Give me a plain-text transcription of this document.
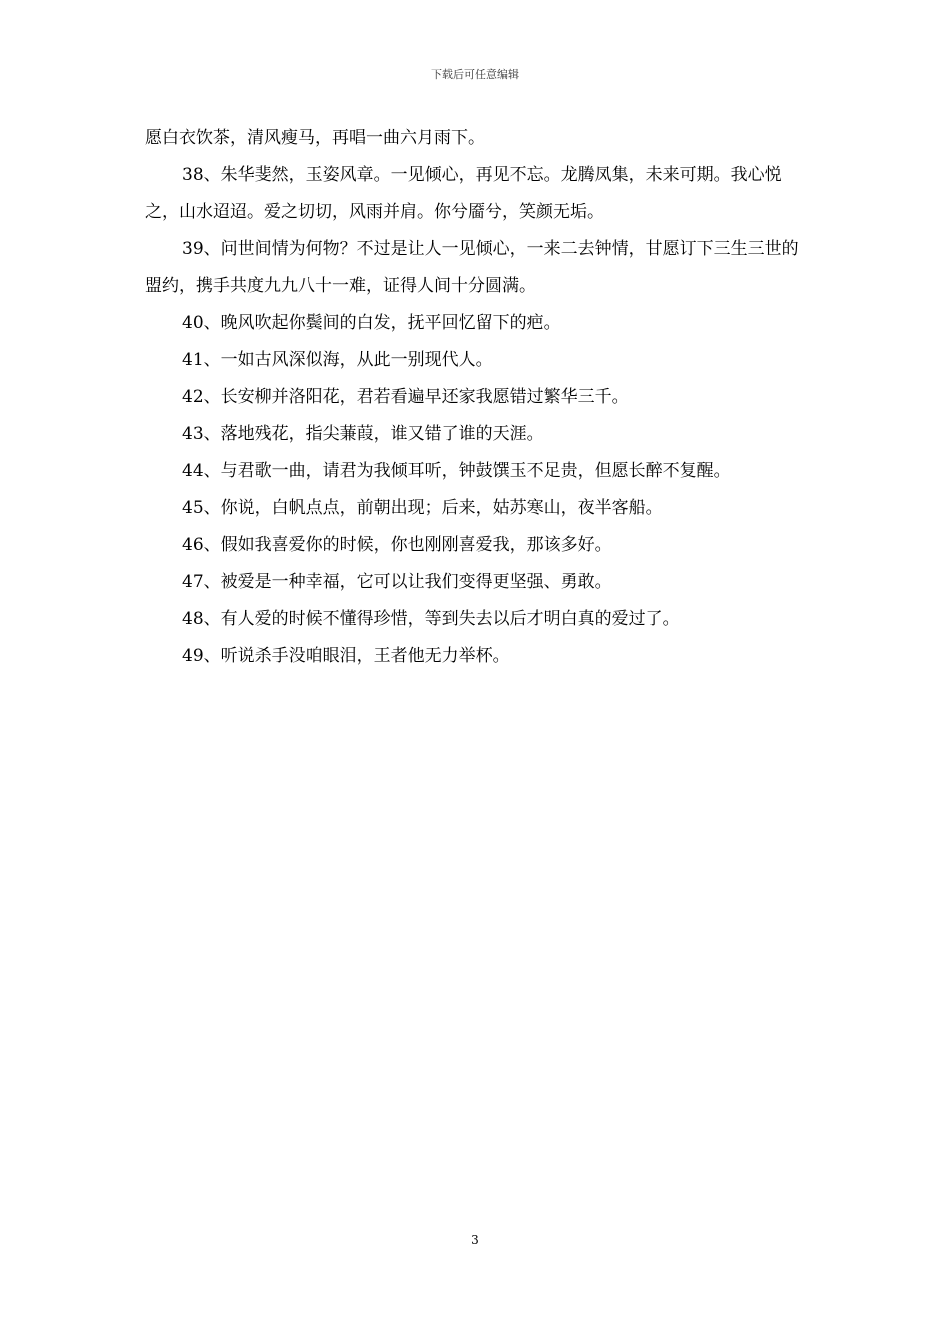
下载后可任意编辑

愿白衣饮茶，清风瘦马，再唱一曲六月雨下。

38、朱华斐然，玉姿风章。一见倾心，再见不忘。龙腾凤集，未来可期。我心悦之，山水迢迢。爱之切切，风雨并肩。你兮靥兮，笑颜无垢。

39、问世间情为何物？不过是让人一见倾心，一来二去钟情，甘愿订下三生三世的盟约，携手共度九九八十一难，证得人间十分圆满。

40、晚风吹起你鬓间的白发，抚平回忆留下的疤。

41、一如古风深似海，从此一别现代人。

42、长安柳并洛阳花，君若看遍早还家我愿错过繁华三千。

43、落地残花，指尖蒹葭，谁又错了谁的天涯。

44、与君歌一曲，请君为我倾耳听，钟鼓馔玉不足贵，但愿长醉不复醒。

45、你说，白帆点点，前朝出现；后来，姑苏寒山，夜半客船。

46、假如我喜爱你的时候，你也刚刚喜爱我，那该多好。

47、被爱是一种幸福，它可以让我们变得更坚强、勇敢。

48、有人爱的时候不懂得珍惜，等到失去以后才明白真的爱过了。

49、听说杀手没咱眼泪，王者他无力举杯。

3
